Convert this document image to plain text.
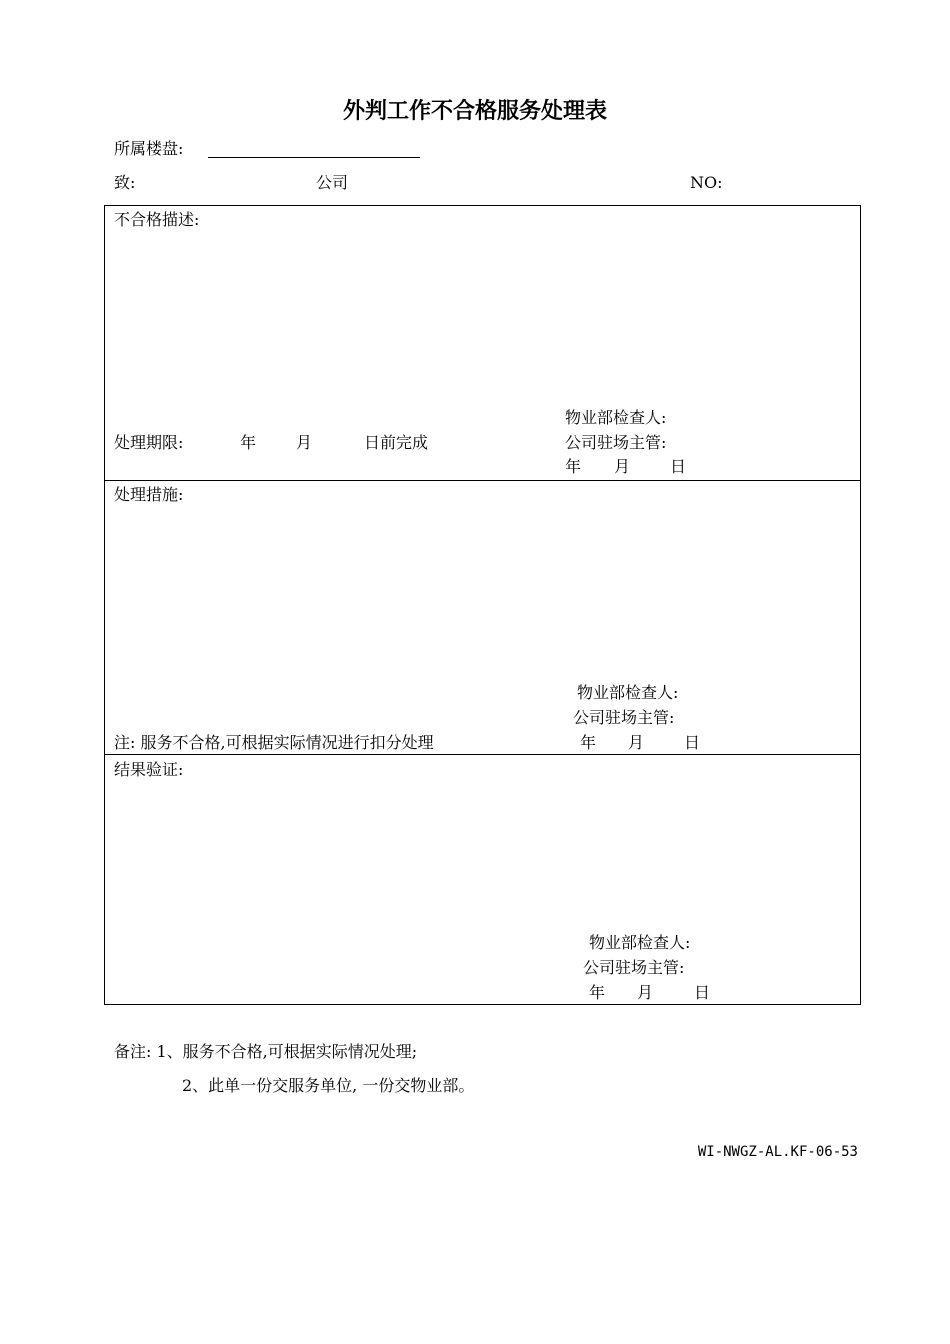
外判工作不合格服务处理表
所属楼盘:
致:	公司	NO:
不合格描述:
物业部检查人:
处理期限:	年 月	日前完成	公司驻场主管:
年 月 日
处理措施:
物业部检查人:
公司驻场主管:
注: 服务不合格,可根据实际情况进行扣分处理	年 月 日
结果验证:
物业部检查人:
公司驻场主管:
年 月	日
备注: 1、服务不合格,可根据实际情况处理;
2、此单一份交服务单位, 一份交物业部。
WI-NWGZ-AL.KF-06-53
